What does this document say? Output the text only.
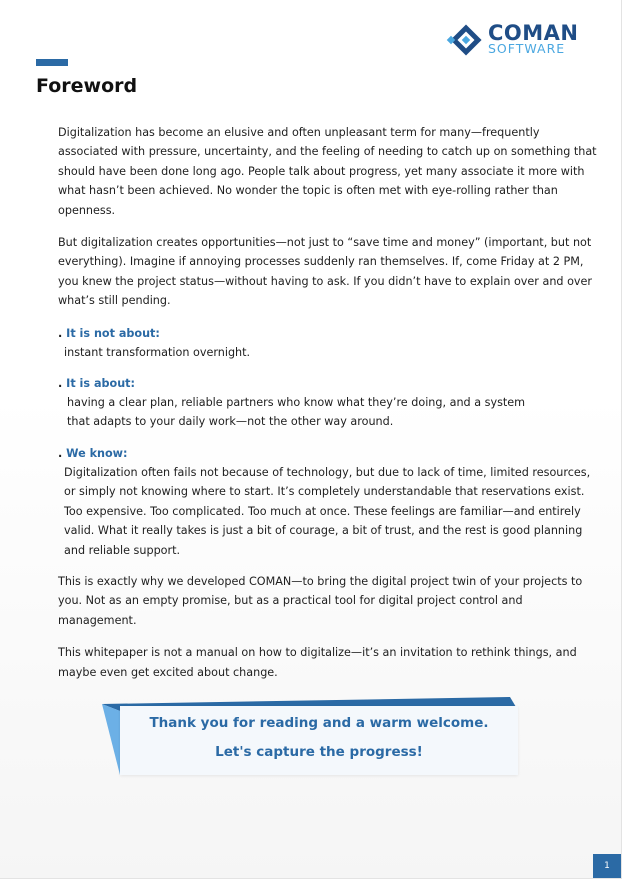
COMAN
SOFTWARE
Foreword

Digitalization has become an elusive and often unpleasant term for many—frequently associated with pressure, uncertainty, and the feeling of needing to catch up on something that should have been done long ago. People talk about progress, yet many associate it more with what hasn’t been achieved. No wonder the topic is often met with eye-rolling rather than openness.

But digitalization creates opportunities—not just to “save time and money” (important, but not everything). Imagine if annoying processes suddenly ran themselves. If, come Friday at 2 PM, you knew the project status—without having to ask. If you didn’t have to explain over and over what’s still pending.

. It is not about:

instant transformation overnight.

. It is about:

having a clear plan, reliable partners who know what they’re doing, and a system that adapts to your daily work—not the other way around.

. We know:

Digitalization often fails not because of technology, but due to lack of time, limited resources, or simply not knowing where to start. It’s completely understandable that reservations exist. Too expensive. Too complicated. Too much at once. These feelings are familiar—and entirely valid. What it really takes is just a bit of courage, a bit of trust, and the rest is good planning and reliable support.

This is exactly why we developed COMAN—to bring the digital project twin of your projects to you. Not as an empty promise, but as a practical tool for digital project control and management.

This whitepaper is not a manual on how to digitalize—it’s an invitation to rethink things, and maybe even get excited about change.

Thank you for reading and a warm welcome.
Let's capture the progress!
1
